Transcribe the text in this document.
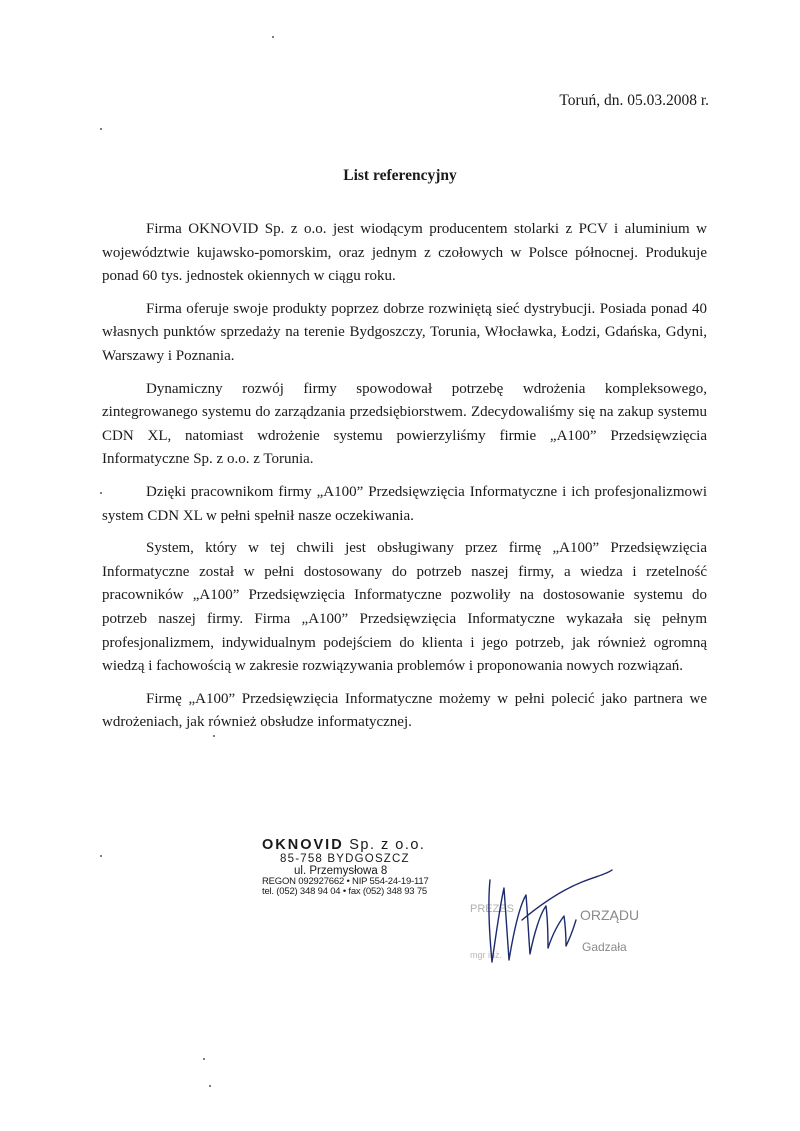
Toruń, dn. 05.03.2008 r.
List referencyjny

Firma OKNOVID Sp. z o.o. jest wiodącym producentem stolarki z PCV i aluminium w województwie kujawsko-pomorskim, oraz jednym z czołowych w Polsce północnej. Produkuje ponad 60 tys. jednostek okiennych w ciągu roku.

Firma oferuje swoje produkty poprzez dobrze rozwiniętą sieć dystrybucji. Posiada ponad 40 własnych punktów sprzedaży na terenie Bydgoszczy, Torunia, Włocławka, Łodzi, Gdańska, Gdyni, Warszawy i Poznania.

Dynamiczny rozwój firmy spowodował potrzebę wdrożenia kompleksowego, zintegrowanego systemu do zarządzania przedsiębiorstwem. Zdecydowaliśmy się na zakup systemu CDN XL, natomiast wdrożenie systemu powierzyliśmy firmie „A100” Przedsięwzięcia Informatyczne Sp. z o.o. z Torunia.

Dzięki pracownikom firmy „A100” Przedsięwzięcia Informatyczne i ich profesjonalizmowi system CDN XL w pełni spełnił nasze oczekiwania.

System, który w tej chwili jest obsługiwany przez firmę „A100” Przedsięwzięcia Informatyczne został w pełni dostosowany do potrzeb naszej firmy, a wiedza i rzetelność pracowników „A100” Przedsięwzięcia Informatyczne pozwoliły na dostosowanie systemu do potrzeb naszej firmy. Firma „A100” Przedsięwzięcia Informatyczne wykazała się pełnym profesjonalizmem, indywidualnym podejściem do klienta i jego potrzeb, jak również ogromną wiedzą i fachowością w zakresie rozwiązywania problemów i proponowania nowych rozwiązań.

Firmę „A100” Przedsięwzięcia Informatyczne możemy w pełni polecić jako partnera we wdrożeniach, jak również obsłudze informatycznej.

OKNOVID Sp. z o.o.
85-758 BYDGOSZCZ
ul. Przemysłowa 8
REGON 092927662 • NIP 554-24-19-117
tel. (052) 348 94 04 • fax (052) 348 93 75
ORZĄDU
Gadzała
PREZES
mgr inż.
